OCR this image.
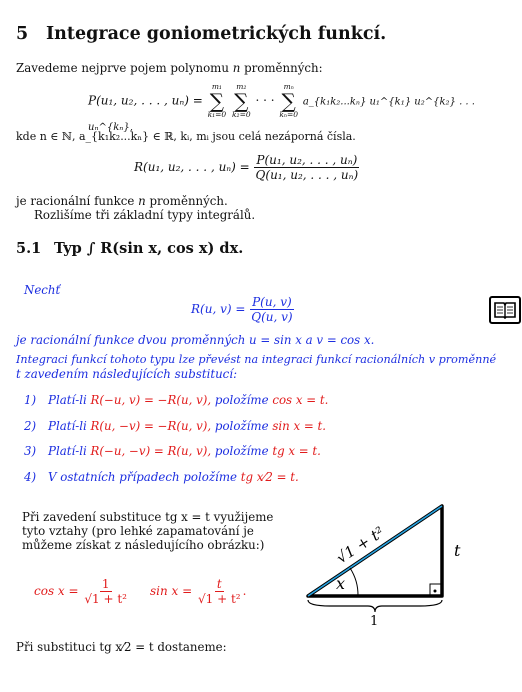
5 Integrace goniometrických funkcí.
Zavedeme nejprve pojem polynomu n proměnných:
P(u₁, u₂, . . . , uₙ) =
m₁
∑
k₁=0

m₂
∑
k₂=0
· · ·
mₙ
∑
kₙ=0
a_{k₁k₂...kₙ} u₁^{k₁} u₂^{k₂} . . . uₙ^{kₙ},
kde n ∈ ℕ, a_{k₁k₂...kₙ} ∈ ℝ, kᵢ, mᵢ jsou celá nezáporná čísla.
R(u₁, u₂, . . . , $u_n) = \frac{\text{P(u₁, u₂, . . . , uₙ)}}{\text{Q(u₁, u₂, . . . , uₙ)}}$
je racionální funkce n proměnných.
Rozlišíme tři základní typy integrálů.
5.1 Typ ∫ R(sin x, cos x) dx.
Nechť
R(u, $v) = \frac{P(u, v)}{Q(u, v)}$
je racionální funkce dvou proměnných u = sin x a v = cos x.
Integraci funkcí tohoto typu lze převést na integraci funkcí racionálních v proměnné
t zavedením následujících substitucí:
1) Platí-li R(−u, v) = −R(u, v), položíme cos x = t.
2) Platí-li R(u, −v) = −R(u, v), položíme sin x = t.
3) Platí-li R(−u, −v) = R(u, v), položíme tg x = t.
4) V ostatních případech položíme tg x⁄2 = t.
Při zavedení substituce tg x = t využijeme
tyto vztahy (pro lehké zapamatování je
můžeme získat z následujícího obrázku:)
$\cos x = \frac{1}{\text{√1 + t²}}$ $\sin x = \frac{t}{\text{√1 + t²}}$ .
√1 + t²	t
1
x
Při substituci tg x⁄2 = t dostaneme:
